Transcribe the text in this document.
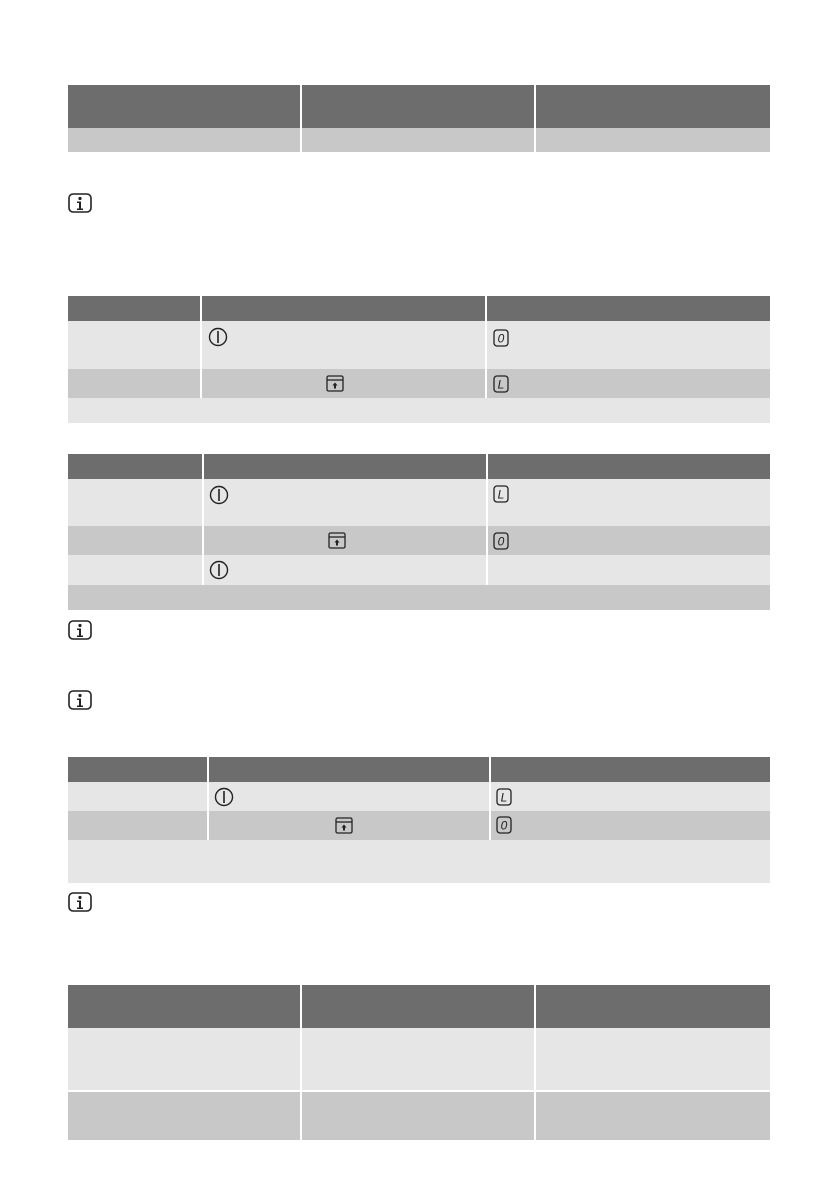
0
L
L
0
L
0
